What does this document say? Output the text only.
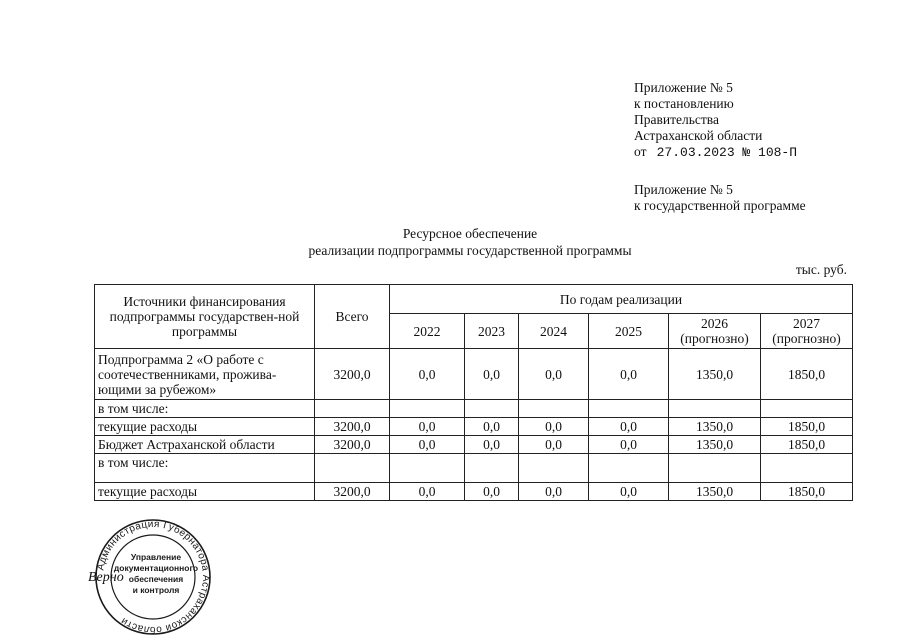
Приложение № 5
к постановлению
Правительства
Астраханской области
от 27.03.2023 № 108-П
Приложение № 5
к государственной программе
Ресурсное обеспечение
реализации подпрограммы государственной программы
тыс. руб.
Источники финансирования подпрограммы государствен-ной программы	Всего	По годам реализации					
		2022	2023	2024	2025	2026 (прогнозно)	2027 (прогнозно)
Подпрограмма 2 «О работе с соотечественниками, прожива-ющими за рубежом»	3200,0	0,0	0,0	0,0	0,0	1350,0	1850,0
в том числе:							
текущие расходы	3200,0	0,0	0,0	0,0	0,0	1350,0	1850,0
Бюджет Астраханской области	3200,0	0,0	0,0	0,0	0,0	1350,0	1850,0
в том числе:							
текущие расходы	3200,0	0,0	0,0	0,0	0,0	1350,0	1850,0
Администрация Губернатора Астраханской области
Управление
документационного
обеспечения
и контроля
Верно
